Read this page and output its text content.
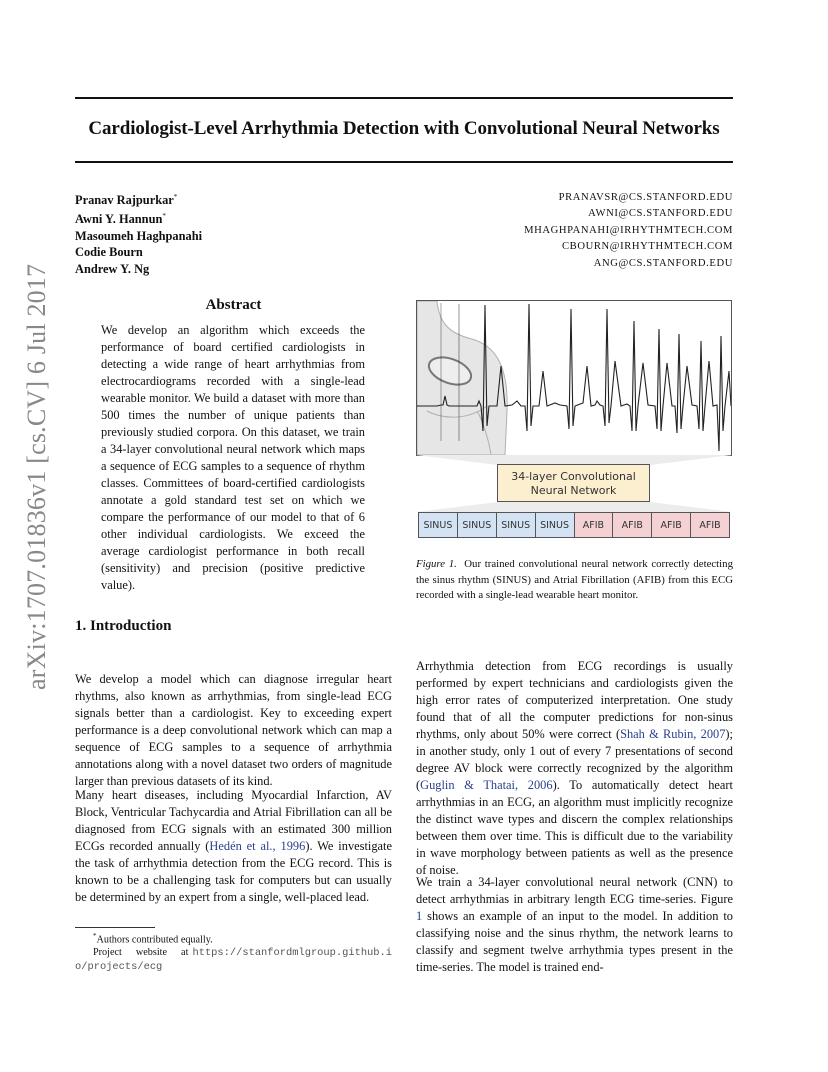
Cardiologist-Level Arrhythmia Detection with Convolutional Neural Networks
Pranav Rajpurkar*
Awni Y. Hannun*
Masoumeh Haghpanahi
Codie Bourn
Andrew Y. Ng
PRANAVSR@CS.STANFORD.EDU
AWNI@CS.STANFORD.EDU
MHAGHPANAHI@IRHYTHMTECH.COM
CBOURN@IRHYTHMTECH.COM
ANG@CS.STANFORD.EDU
arXiv:1707.01836v1 [cs.CV] 6 Jul 2017	Abstract
We develop an algorithm which exceeds the performance of board certified cardiologists in detecting a wide range of heart arrhythmias from electrocardiograms recorded with a single-lead wearable monitor. We build a dataset with more than 500 times the number of unique patients than previously studied corpora. On this dataset, we train a 34-layer convolutional neural network which maps a sequence of ECG samples to a sequence of rhythm classes. Committees of board-certified cardiologists annotate a gold standard test set on which we compare the performance of our model to that of 6 other individual cardiologists. We exceed the average cardiologist performance in both recall (sensitivity) and precision (positive predictive value).
1. Introduction
We develop a model which can diagnose irregular heart rhythms, also known as arrhythmias, from single-lead ECG signals better than a cardiologist. Key to exceeding expert performance is a deep convolutional network which can map a sequence of ECG samples to a sequence of arrhythmia annotations along with a novel dataset two orders of magnitude larger than previous datasets of its kind.
Many heart diseases, including Myocardial Infarction, AV Block, Ventricular Tachycardia and Atrial Fibrillation can all be diagnosed from ECG signals with an estimated 300 million ECGs recorded annually (Hedén et al., 1996). We investigate the task of arrhythmia detection from the ECG record. This is known to be a challenging task for computers but can usually be determined by an expert from a single, well-placed lead.
*Authors contributed equally.
Project website at https://stanfordmlgroup.github.io/projects/ecg
34-layer Convolutional
Neural Network
SINUS	SINUS	SINUS	SINUS	AFIB	AFIB	AFIB	AFIB
Figure 1. Our trained convolutional neural network correctly detecting the sinus rhythm (SINUS) and Atrial Fibrillation (AFIB) from this ECG recorded with a single-lead wearable heart monitor.
Arrhythmia detection from ECG recordings is usually performed by expert technicians and cardiologists given the high error rates of computerized interpretation. One study found that of all the computer predictions for non-sinus rhythms, only about 50% were correct (Shah & Rubin, 2007); in another study, only 1 out of every 7 presentations of second degree AV block were correctly recognized by the algorithm (Guglin & Thatai, 2006). To automatically detect heart arrhythmias in an ECG, an algorithm must implicitly recognize the distinct wave types and discern the complex relationships between them over time. This is difficult due to the variability in wave morphology between patients as well as the presence of noise.
We train a 34-layer convolutional neural network (CNN) to detect arrhythmias in arbitrary length ECG time-series. Figure 1 shows an example of an input to the model. In addition to classifying noise and the sinus rhythm, the network learns to classify and segment twelve arrhythmia types present in the time-series. The model is trained end-
